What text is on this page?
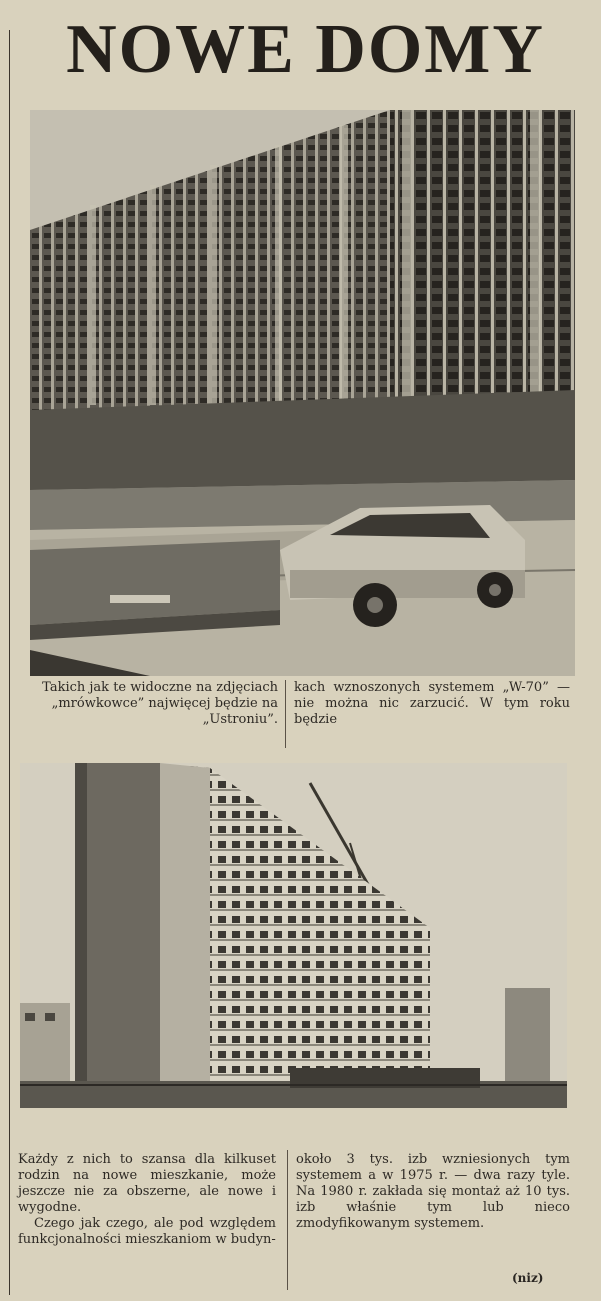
NOWE DOMY

Takich jak te widoczne na zdjęciach „mrówkowce” najwięcej będzie na „Ustroniu”.

kach wznoszonych systemem „W-70” — nie można nic zarzucić. W tym roku będzie

Każdy z nich to szansa dla kilkuset rodzin na nowe mieszkanie, może jeszcze nie za obszerne, ale nowe i wygodne.

Czego jak czego, ale pod względem funkcjonalności mieszkaniom w budyn-

około 3 tys. izb wzniesionych tym systemem a w 1975 r. — dwa razy tyle. Na 1980 r. zakłada się montaż aż 10 tys. izb właśnie tym lub nieco zmodyfikowanym systemem.

(niz)
